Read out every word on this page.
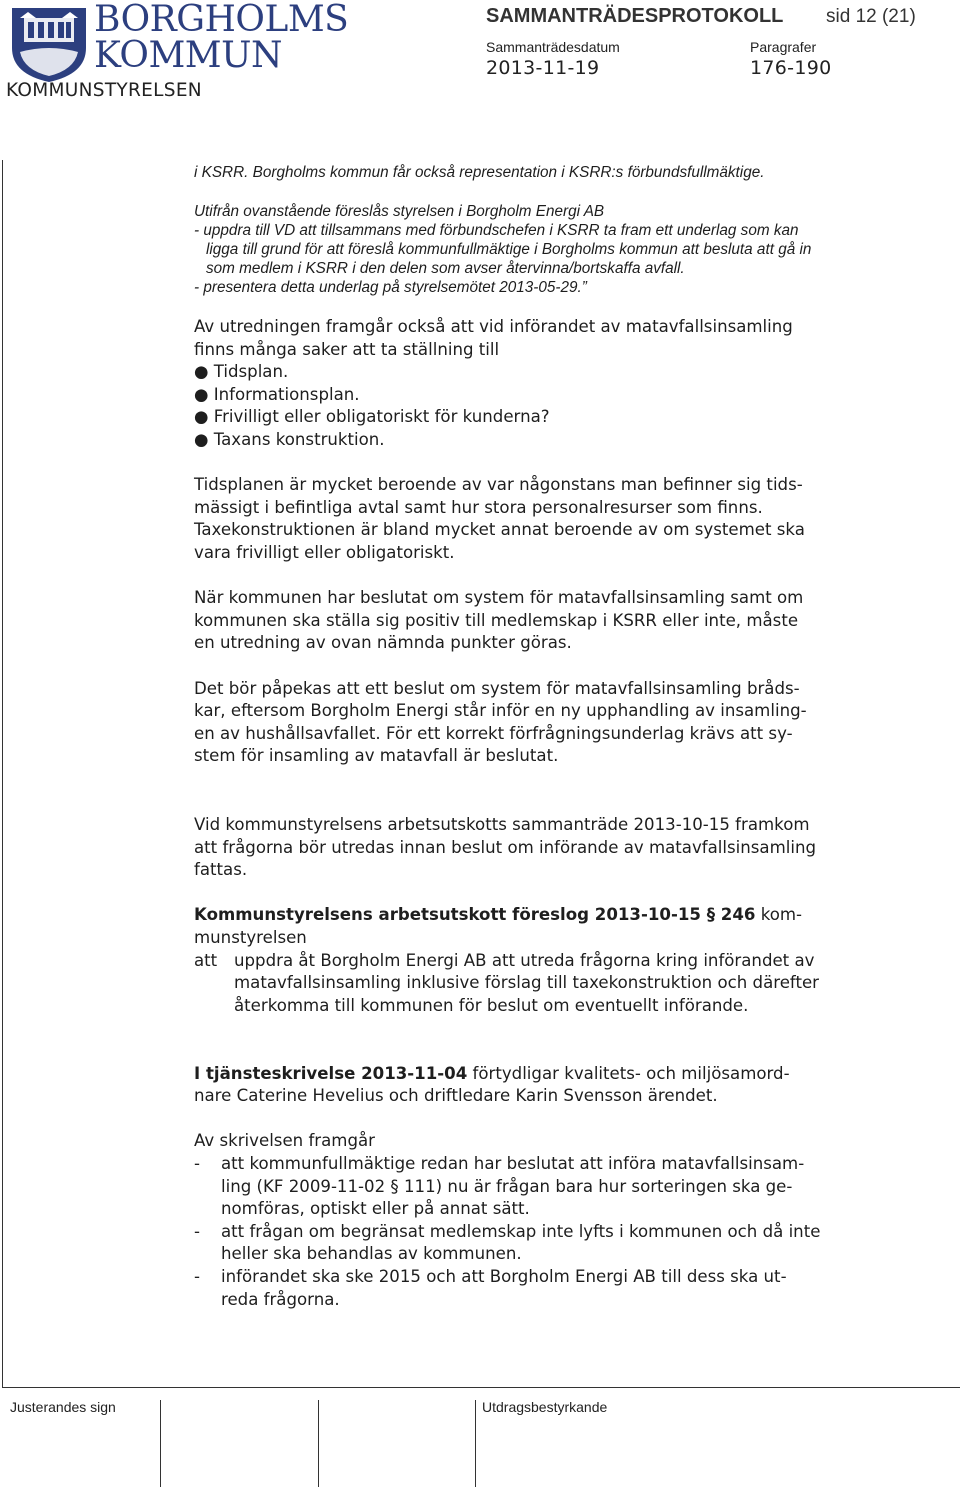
BORGHOLMS
KOMMUN
KOMMUNSTYRELSEN
SAMMANTRÄDESPROTOKOLL sid 12 (21)
Sammanträdesdatum	Paragrafer
2013-11-19	176-190
i KSRR. Borgholms kommun får också representation i KSRR:s förbundsfullmäktige.
Utifrån ovanstående föreslås styrelsen i Borgholm Energi AB
- uppdra till VD att tillsammans med förbundschefen i KSRR ta fram ett underlag som kan
ligga till grund för att föreslå kommunfullmäktige i Borgholms kommun att besluta att gå in
som medlem i KSRR i den delen som avser återvinna/bortskaffa avfall.
- presentera detta underlag på styrelsemötet 2013-05-29.”
Av utredningen framgår också att vid införandet av matavfallsinsamling
finns många saker att ta ställning till
● Tidsplan.
● Informationsplan.
● Frivilligt eller obligatoriskt för kunderna?
● Taxans konstruktion.
Tidsplanen är mycket beroende av var någonstans man befinner sig tids-
mässigt i befintliga avtal samt hur stora personalresurser som finns.
Taxekonstruktionen är bland mycket annat beroende av om systemet ska
vara frivilligt eller obligatoriskt.
När kommunen har beslutat om system för matavfallsinsamling samt om
kommunen ska ställa sig positiv till medlemskap i KSRR eller inte, måste
en utredning av ovan nämnda punkter göras.
Det bör påpekas att ett beslut om system för matavfallsinsamling bråds-
kar, eftersom Borgholm Energi står inför en ny upphandling av insamling-
en av hushållsavfallet. För ett korrekt förfrågningsunderlag krävs att sy-
stem för insamling av matavfall är beslutat.
Vid kommunstyrelsens arbetsutskotts sammanträde 2013-10-15 framkom
att frågorna bör utredas innan beslut om införande av matavfallsinsamling
fattas.
Kommunstyrelsens arbetsutskott föreslog 2013-10-15 § 246 kom-
munstyrelsen
att uppdra åt Borgholm Energi AB att utreda frågorna kring införandet av
matavfallsinsamling inklusive förslag till taxekonstruktion och därefter
återkomma till kommunen för beslut om eventuellt införande.
I tjänsteskrivelse 2013-11-04 förtydligar kvalitets- och miljösamord-
nare Caterine Hevelius och driftledare Karin Svensson ärendet.
Av skrivelsen framgår
- att kommunfullmäktige redan har beslutat att införa matavfallsinsam-
ling (KF 2009-11-02 § 111) nu är frågan bara hur sorteringen ska ge-
nomföras, optiskt eller på annat sätt.
- att frågan om begränsat medlemskap inte lyfts i kommunen och då inte
heller ska behandlas av kommunen.
- införandet ska ske 2015 och att Borgholm Energi AB till dess ska ut-
reda frågorna.
Justerandes sign	Utdragsbestyrkande
